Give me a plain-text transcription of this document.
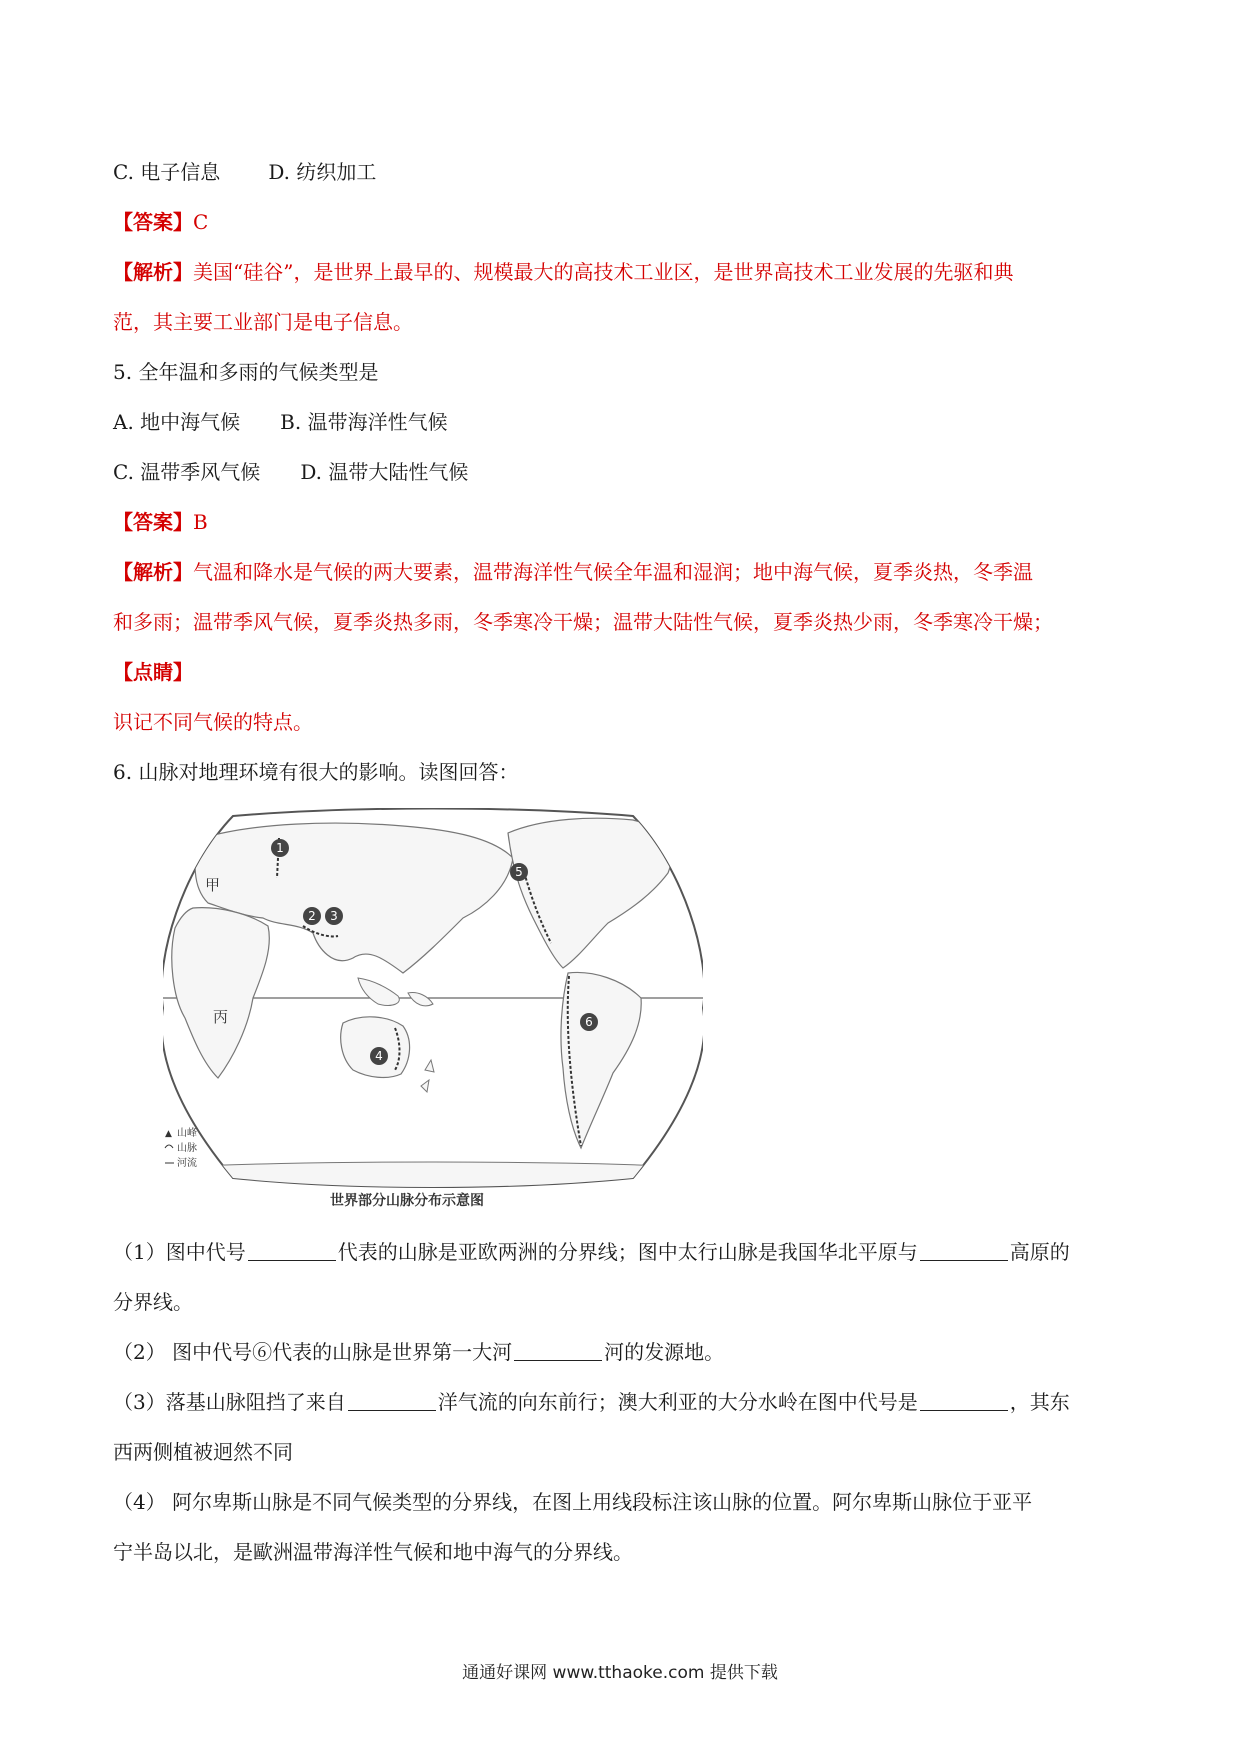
C. 电子信息 D. 纺织加工
【答案】C
【解析】美国“硅谷”，是世界上最早的、规模最大的高技术工业区，是世界高技术工业发展的先驱和典
范，其主要工业部门是电子信息。
5. 全年温和多雨的气候类型是
A. 地中海气候 B. 温带海洋性气候
C. 温带季风气候 D. 温带大陆性气候
【答案】B
【解析】气温和降水是气候的两大要素，温带海洋性气候全年温和湿润；地中海气候，夏季炎热，冬季温
和多雨；温带季风气候，夏季炎热多雨，冬季寒冷干燥；温带大陆性气候，夏季炎热少雨，冬季寒冷干燥；
【点睛】
识记不同气候的特点。
6. 山脉对地理环境有很大的影响。读图回答：
1
2 3
4
5
6
甲
丙
▲ 山峰
山脉
河流
世界部分山脉分布示意图
（1）图中代号	代表的山脉是亚欧两洲的分界线；图中太行山脉是我国华北平原与	高原的
分界线。
（2） 图中代号⑥代表的山脉是世界第一大河	河的发源地。
（3）落基山脉阻挡了来自	洋气流的向东前行；澳大利亚的大分水岭在图中代号是	，其东
西两侧植被迥然不同
（4） 阿尔卑斯山脉是不同气候类型的分界线，在图上用线段标注该山脉的位置。阿尔卑斯山脉位于亚平
宁半岛以北，是歐洲温带海洋性气候和地中海气的分界线。
通通好课网 www.tthaoke.com 提供下载
